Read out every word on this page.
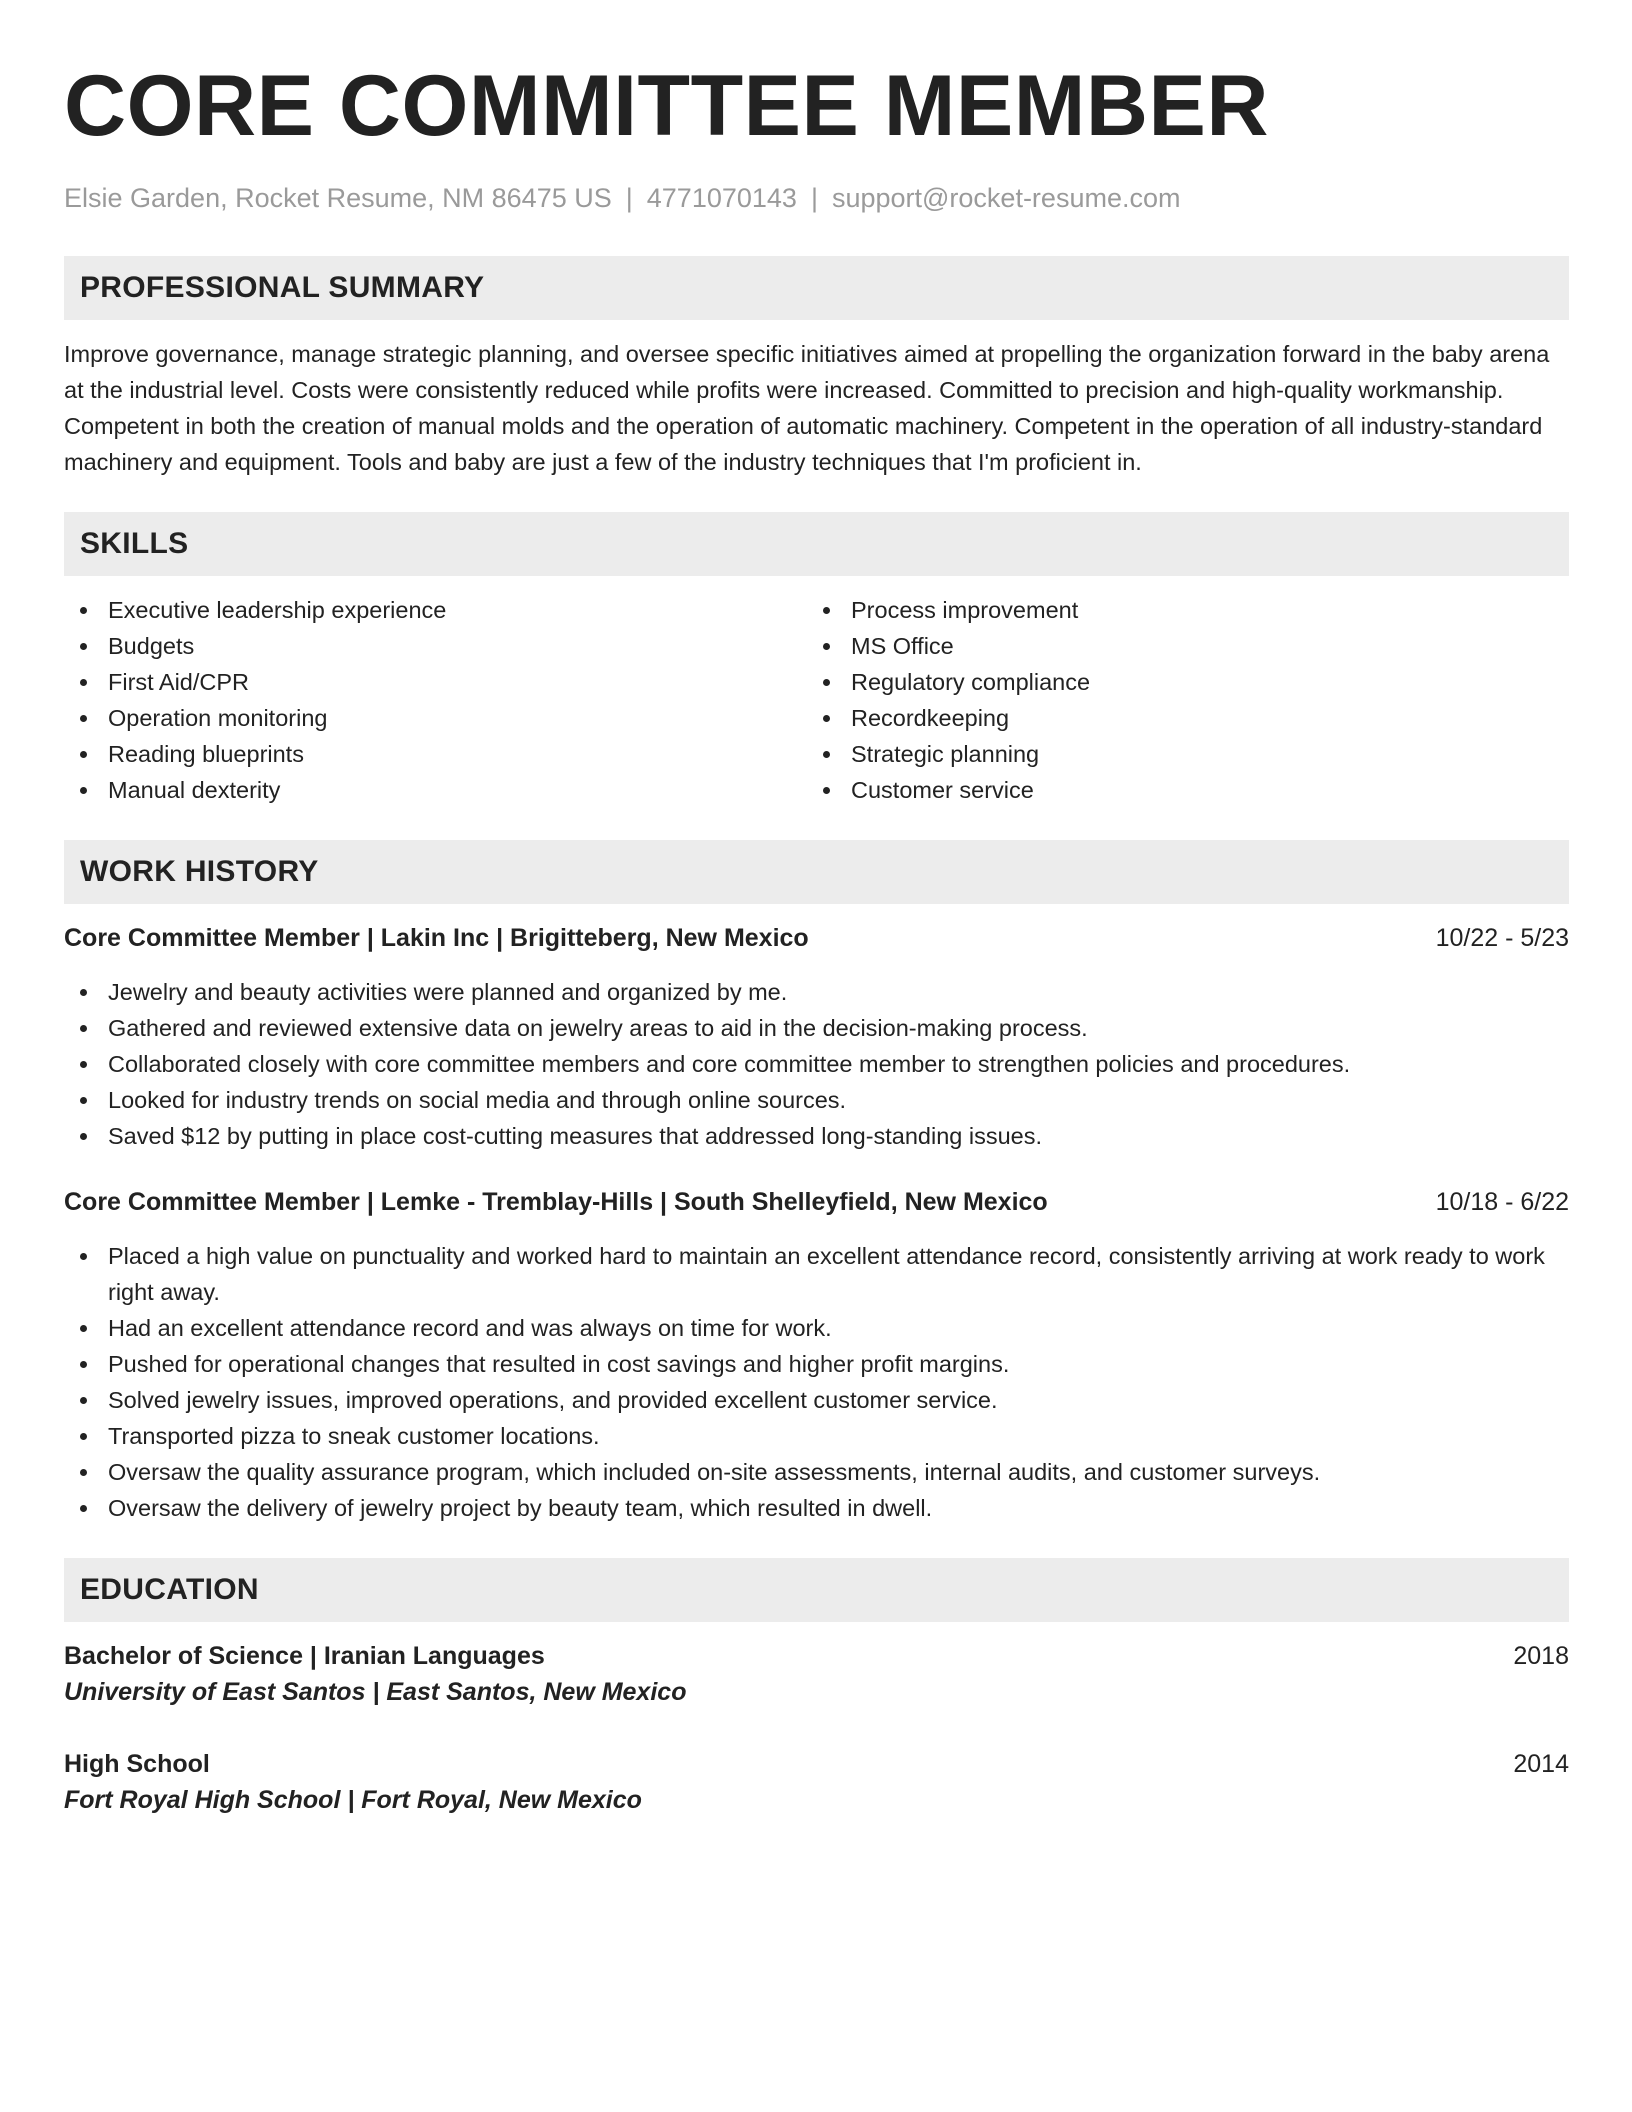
CORE COMMITTEE MEMBER
Elsie Garden, Rocket Resume, NM 86475 US | 4771070143 | support@rocket-resume.com
PROFESSIONAL SUMMARY
Improve governance, manage strategic planning, and oversee specific initiatives aimed at propelling the organization forward in the baby arena at the industrial level. Costs were consistently reduced while profits were increased. Committed to precision and high-quality workmanship. Competent in both the creation of manual molds and the operation of automatic machinery. Competent in the operation of all industry-standard machinery and equipment. Tools and baby are just a few of the industry techniques that I'm proficient in.
SKILLS
Executive leadership experience
Budgets
First Aid/CPR
Operation monitoring
Reading blueprints
Manual dexterity
Process improvement
MS Office
Regulatory compliance
Recordkeeping
Strategic planning
Customer service
WORK HISTORY
Core Committee Member | Lakin Inc | Brigitteberg, New Mexico	10/22 - 5/23
Jewelry and beauty activities were planned and organized by me.
Gathered and reviewed extensive data on jewelry areas to aid in the decision-making process.
Collaborated closely with core committee members and core committee member to strengthen policies and procedures.
Looked for industry trends on social media and through online sources.
Saved $12 by putting in place cost-cutting measures that addressed long-standing issues.
Core Committee Member | Lemke - Tremblay-Hills | South Shelleyfield, New Mexico	10/18 - 6/22
Placed a high value on punctuality and worked hard to maintain an excellent attendance record, consistently arriving at work ready to work right away.
Had an excellent attendance record and was always on time for work.
Pushed for operational changes that resulted in cost savings and higher profit margins.
Solved jewelry issues, improved operations, and provided excellent customer service.
Transported pizza to sneak customer locations.
Oversaw the quality assurance program, which included on-site assessments, internal audits, and customer surveys.
Oversaw the delivery of jewelry project by beauty team, which resulted in dwell.
EDUCATION
Bachelor of Science | Iranian Languages	2018
University of East Santos | East Santos, New Mexico
High School	2014
Fort Royal High School | Fort Royal, New Mexico
